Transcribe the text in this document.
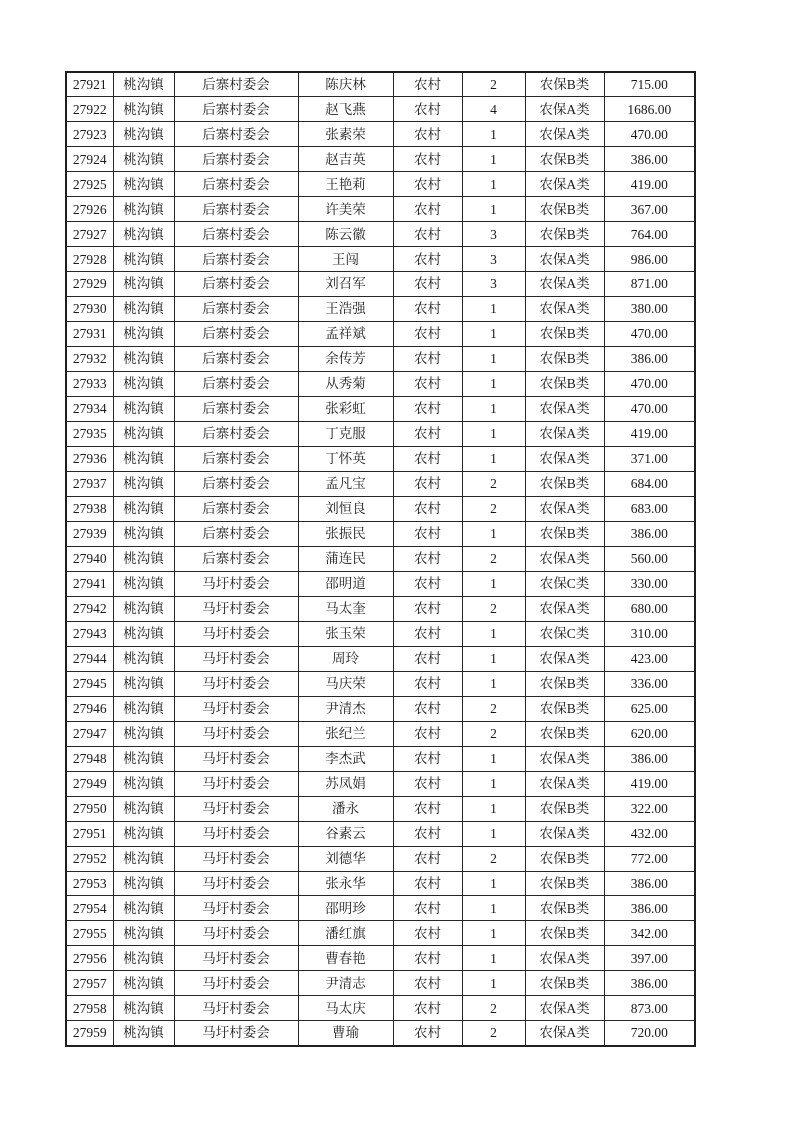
27921	桃沟镇	后寨村委会	陈庆林	农村	2	农保B类	715.00
27922	桃沟镇	后寨村委会	赵飞燕	农村	4	农保A类	1686.00
27923	桃沟镇	后寨村委会	张素荣	农村	1	农保A类	470.00
27924	桃沟镇	后寨村委会	赵吉英	农村	1	农保B类	386.00
27925	桃沟镇	后寨村委会	王艳莉	农村	1	农保A类	419.00
27926	桃沟镇	后寨村委会	许美荣	农村	1	农保B类	367.00
27927	桃沟镇	后寨村委会	陈云徽	农村	3	农保B类	764.00
27928	桃沟镇	后寨村委会	王闯	农村	3	农保A类	986.00
27929	桃沟镇	后寨村委会	刘召军	农村	3	农保A类	871.00
27930	桃沟镇	后寨村委会	王浩强	农村	1	农保A类	380.00
27931	桃沟镇	后寨村委会	孟祥斌	农村	1	农保B类	470.00
27932	桃沟镇	后寨村委会	余传芳	农村	1	农保B类	386.00
27933	桃沟镇	后寨村委会	从秀菊	农村	1	农保B类	470.00
27934	桃沟镇	后寨村委会	张彩虹	农村	1	农保A类	470.00
27935	桃沟镇	后寨村委会	丁克服	农村	1	农保A类	419.00
27936	桃沟镇	后寨村委会	丁怀英	农村	1	农保A类	371.00
27937	桃沟镇	后寨村委会	孟凡宝	农村	2	农保B类	684.00
27938	桃沟镇	后寨村委会	刘恒良	农村	2	农保A类	683.00
27939	桃沟镇	后寨村委会	张振民	农村	1	农保B类	386.00
27940	桃沟镇	后寨村委会	蒲连民	农村	2	农保A类	560.00
27941	桃沟镇	马圩村委会	邵明道	农村	1	农保C类	330.00
27942	桃沟镇	马圩村委会	马太奎	农村	2	农保A类	680.00
27943	桃沟镇	马圩村委会	张玉荣	农村	1	农保C类	310.00
27944	桃沟镇	马圩村委会	周玲	农村	1	农保A类	423.00
27945	桃沟镇	马圩村委会	马庆荣	农村	1	农保B类	336.00
27946	桃沟镇	马圩村委会	尹清杰	农村	2	农保B类	625.00
27947	桃沟镇	马圩村委会	张纪兰	农村	2	农保B类	620.00
27948	桃沟镇	马圩村委会	李杰武	农村	1	农保A类	386.00
27949	桃沟镇	马圩村委会	苏凤娟	农村	1	农保A类	419.00
27950	桃沟镇	马圩村委会	潘永	农村	1	农保B类	322.00
27951	桃沟镇	马圩村委会	谷素云	农村	1	农保A类	432.00
27952	桃沟镇	马圩村委会	刘德华	农村	2	农保B类	772.00
27953	桃沟镇	马圩村委会	张永华	农村	1	农保B类	386.00
27954	桃沟镇	马圩村委会	邵明珍	农村	1	农保B类	386.00
27955	桃沟镇	马圩村委会	潘红旗	农村	1	农保B类	342.00
27956	桃沟镇	马圩村委会	曹春艳	农村	1	农保A类	397.00
27957	桃沟镇	马圩村委会	尹清志	农村	1	农保B类	386.00
27958	桃沟镇	马圩村委会	马太庆	农村	2	农保A类	873.00
27959	桃沟镇	马圩村委会	曹瑜	农村	2	农保A类	720.00
